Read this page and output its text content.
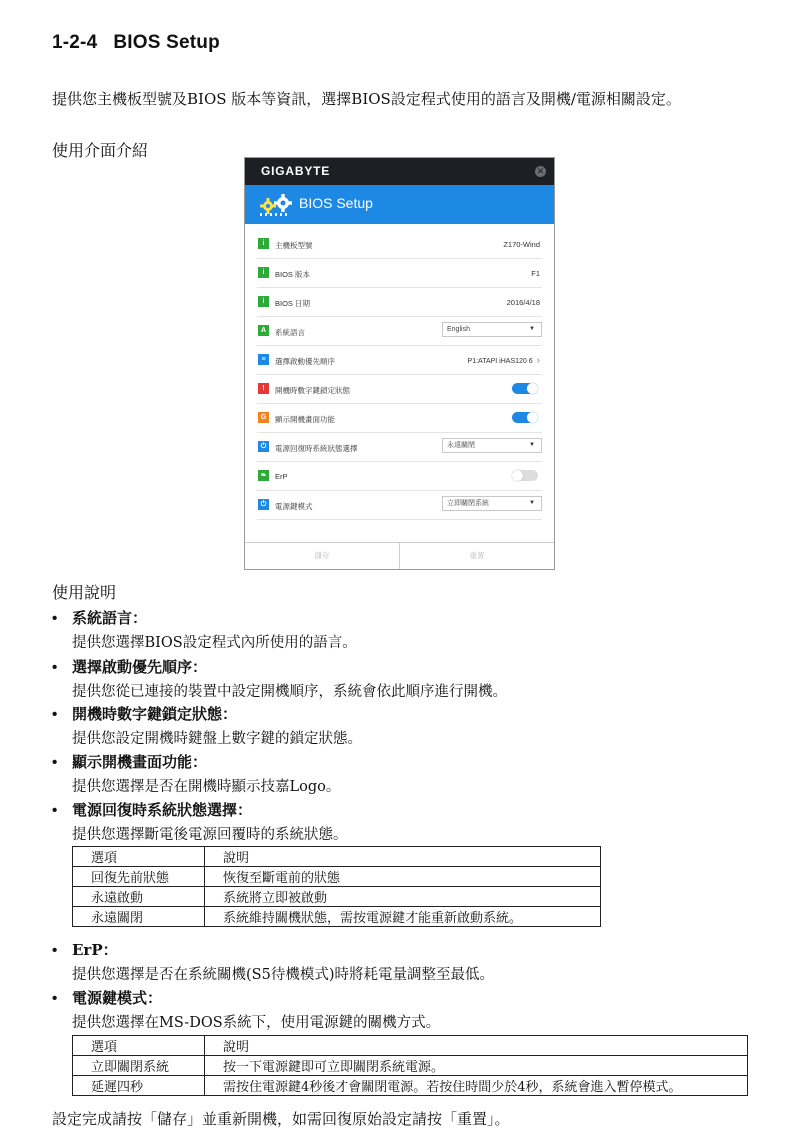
1-2-4 BIOS Setup
提供您主機板型號及BIOS 版本等資訊，選擇BIOS設定程式使用的語言及開機/電源相關設定。
使用介面介紹
GIGABYTE	✕
BIOS Setup
i	主機板型號	Z170-Wind
i	BIOS 版本	F1
i	BIOS 日期	2016/4/18
A	系統語言	English	▼
≡	選擇啟動優先順序	P1:ATAPI iHAS120 6 ›
!	開機時數字鍵鎖定狀態
G	顯示開機畫面功能
⏻	電源回復時系統狀態選擇	永遠關閉	▼
❧	ErP
⏻	電源鍵模式	立即關閉系統	▼
儲存	重置
使用說明
• 系統語言：
提供您選擇BIOS設定程式內所使用的語言。
• 選擇啟動優先順序：
提供您從已連接的裝置中設定開機順序，系統會依此順序進行開機。
• 開機時數字鍵鎖定狀態：
提供您設定開機時鍵盤上數字鍵的鎖定狀態。
• 顯示開機畫面功能：
提供您選擇是否在開機時顯示技嘉Logo。
• 電源回復時系統狀態選擇：
提供您選擇斷電後電源回覆時的系統狀態。
選項	說明
回復先前狀態	恢復至斷電前的狀態
永遠啟動	系統將立即被啟動
永遠關閉	系統維持關機狀態，需按電源鍵才能重新啟動系統。
• ErP：
提供您選擇是否在系統關機(S5待機模式)時將耗電量調整至最低。
• 電源鍵模式：
提供您選擇在MS-DOS系統下，使用電源鍵的關機方式。
選項	說明
立即關閉系統	按一下電源鍵即可立即關閉系統電源。
延遲四秒	需按住電源鍵4秒後才會關閉電源。若按住時間少於4秒，系統會進入暫停模式。
設定完成請按「儲存」並重新開機，如需回復原始設定請按「重置」。
